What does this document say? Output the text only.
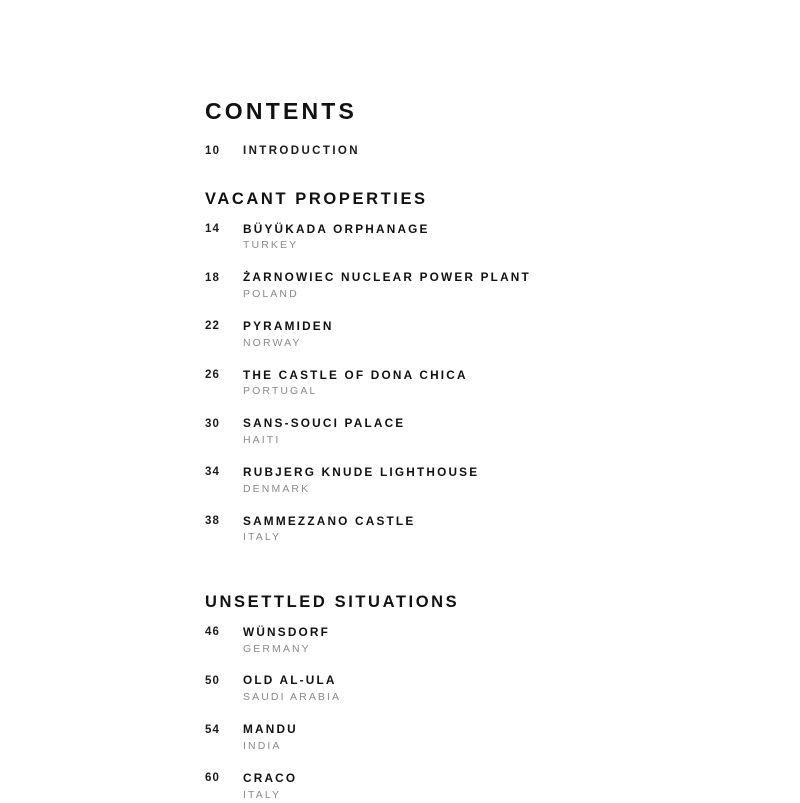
CONTENTS
10	INTRODUCTION
VACANT PROPERTIES
14	BÜYÜKADA ORPHANAGE
TURKEY
18	ŻARNOWIEC NUCLEAR POWER PLANT
POLAND
22	PYRAMIDEN
NORWAY
26	THE CASTLE OF DONA CHICA
PORTUGAL
30	SANS-SOUCI PALACE
HAITI
34	RUBJERG KNUDE LIGHTHOUSE
DENMARK
38	SAMMEZZANO CASTLE
ITALY
UNSETTLED SITUATIONS
46	WÜNSDORF
GERMANY
50	OLD AL-ULA
SAUDI ARABIA
54	MANDU
INDIA
60	CRACO
ITALY
